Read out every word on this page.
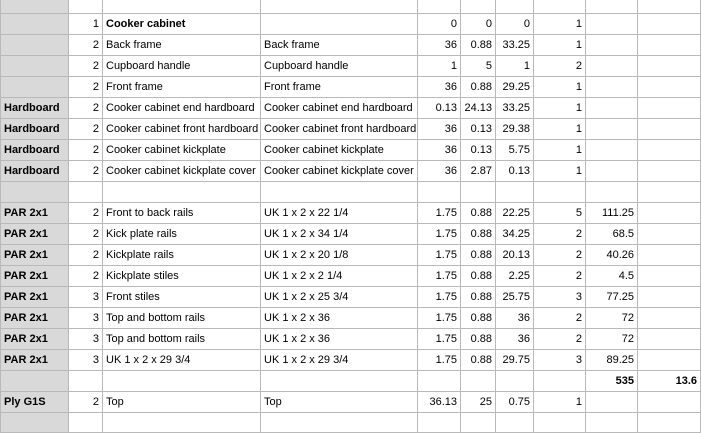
	1	Cooker cabinet		0	0	0	1		
	2	Back frame	Back frame	36	0.88	33.25	1		
	2	Cupboard handle	Cupboard handle	1	5	1	2		
	2	Front frame	Front frame	36	0.88	29.25	1		
Hardboard	2	Cooker cabinet end hardboard	Cooker cabinet end hardboard	0.13	24.13	33.25	1		
Hardboard	2	Cooker cabinet front hardboard	Cooker cabinet front hardboard	36	0.13	29.38	1		
Hardboard	2	Cooker cabinet kickplate	Cooker cabinet kickplate	36	0.13	5.75	1		
Hardboard	2	Cooker cabinet kickplate cover	Cooker cabinet kickplate cover	36	2.87	0.13	1		

PAR 2x1	2	Front to back rails	UK 1 x 2 x 22 1/4	1.75	0.88	22.25	5	111.25	
PAR 2x1	2	Kick plate rails	UK 1 x 2 x 34 1/4	1.75	0.88	34.25	2	68.5	
PAR 2x1	2	Kickplate rails	UK 1 x 2 x 20 1/8	1.75	0.88	20.13	2	40.26	
PAR 2x1	2	Kickplate stiles	UK 1 x 2 x 2 1/4	1.75	0.88	2.25	2	4.5	
PAR 2x1	3	Front stiles	UK 1 x 2 x 25 3/4	1.75	0.88	25.75	3	77.25	
PAR 2x1	3	Top and bottom rails	UK 1 x 2 x 36	1.75	0.88	36	2	72	
PAR 2x1	3	Top and bottom rails	UK 1 x 2 x 36	1.75	0.88	36	2	72	
PAR 2x1	3	UK 1 x 2 x 29 3/4	UK 1 x 2 x 29 3/4	1.75	0.88	29.75	3	89.25	
								535	13.6
Ply G1S	2	Top	Top	36.13	25	0.75	1		
